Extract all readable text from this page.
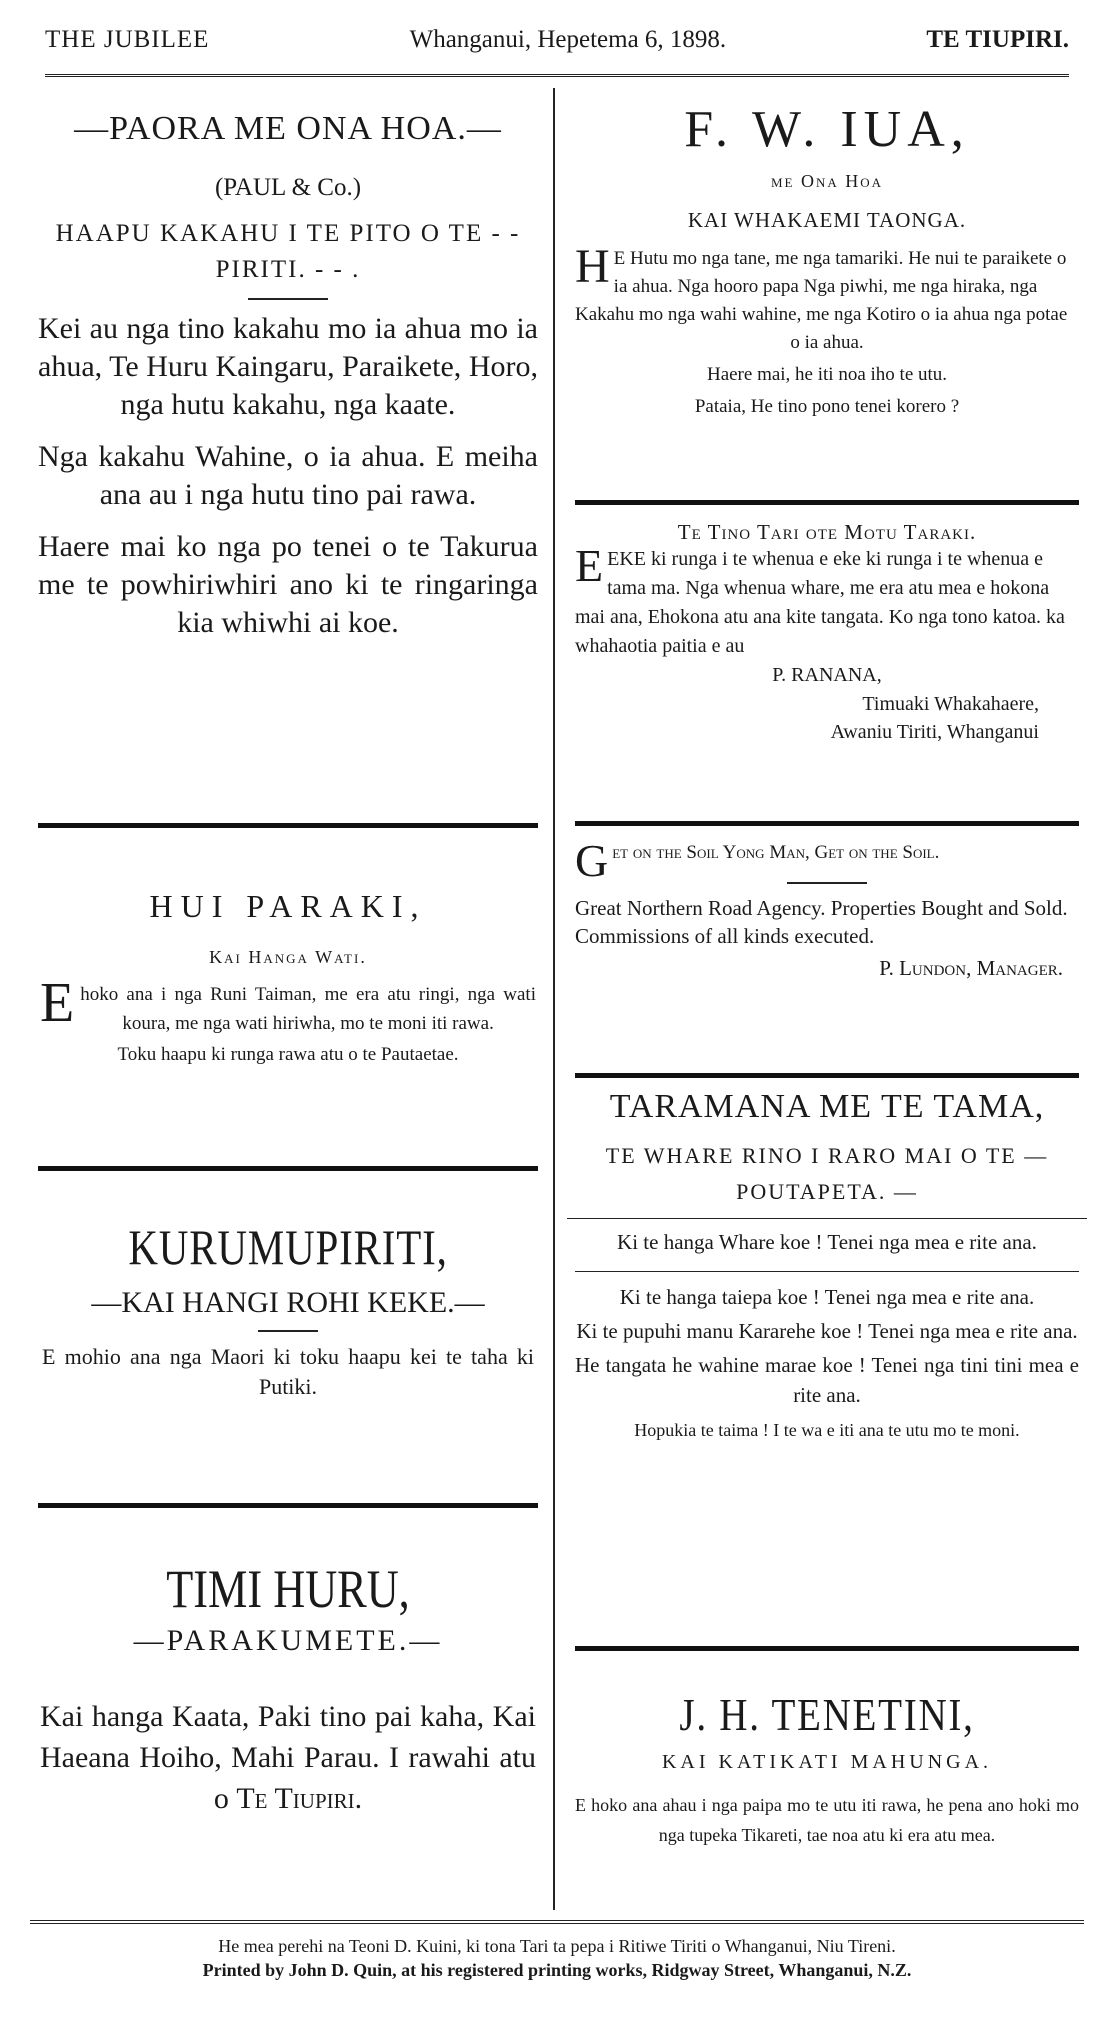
THE JUBILEE	Whanganui, Hepetema 6, 1898.	TE TIUPIRI.
—PAORA ME ONA HOA.—
(PAUL & Co.)
HAAPU KAKAHU I TE PITO O TE - - PIRITI. - - .

Kei au nga tino kakahu mo ia ahua mo ia ahua, Te Huru Kaingaru, Paraikete, Horo, nga hutu kakahu, nga kaate.

Nga kakahu Wahine, o ia ahua. E meiha ana au i nga hutu tino pai rawa.

Haere mai ko nga po tenei o te Takurua me te powhiriwhiri ano ki te ringaringa kia whiwhi ai koe.

HUI PARAKI,
Kai Hanga Wati.
E hoko ana i nga Runi Taiman, me era atu ringi, nga wati koura, me nga wati hiriwha, mo te moni iti rawa.

Toku haapu ki runga rawa atu o te Pautaetae.

KURUMUPIRITI,
—KAI HANGI ROHI KEKE.—

E mohio ana nga Maori ki toku haapu kei te taha ki Putiki.

TIMI HURU,
—PARAKUMETE.—

Kai hanga Kaata, Paki tino pai kaha, Kai Haeana Hoiho, Mahi Parau. I rawahi atu o Te Tiupiri.

F. W. IUA,
me Ona Hoa
KAI WHAKAEMI TAONGA.
H E Hutu mo nga tane, me nga tamariki. He nui te paraikete o ia ahua. Nga hooro papa Nga piwhi, me nga hiraka, nga Kakahu mo nga wahi wahine, me nga Kotiro o ia ahua nga potae o ia ahua.

Haere mai, he iti noa iho te utu.

Pataia, He tino pono tenei korero ?

Te Tino Tari ote Motu Taraki.
E EKE ki runga i te whenua e eke ki runga i te whenua e tama ma. Nga whenua whare, me era atu mea e hokona mai ana, Ehokona atu ana kite tangata. Ko nga tono katoa. ka whahaotia paitia e au

P. RANANA,

Timuaki Whakahaere,

Awaniu Tiriti, Whanganui

G et on the Soil Yong Man, Get on the Soil.

Great Northern Road Agency. Properties Bought and Sold. Commissions of all kinds executed.

P. Lundon, Manager.

TARAMANA ME TE TAMA,
TE WHARE RINO I RARO MAI O TE — POUTAPETA. —

Ki te hanga Whare koe ! Tenei nga mea e rite ana.

Ki te hanga taiepa koe ! Tenei nga mea e rite ana.

Ki te pupuhi manu Kararehe koe ! Tenei nga mea e rite ana.

He tangata he wahine marae koe ! Tenei nga tini tini mea e rite ana.

Hopukia te taima ! I te wa e iti ana te utu mo te moni.

J. H. TENETINI,
KAI KATIKATI MAHUNGA.

E hoko ana ahau i nga paipa mo te utu iti rawa, he pena ano hoki mo nga tupeka Tikareti, tae noa atu ki era atu mea.

He mea perehi na Teoni D. Kuini, ki tona Tari ta pepa i Ritiwe Tiriti o Whanganui, Niu Tireni.

Printed by John D. Quin, at his registered printing works, Ridgway Street, Whanganui, N.Z.
